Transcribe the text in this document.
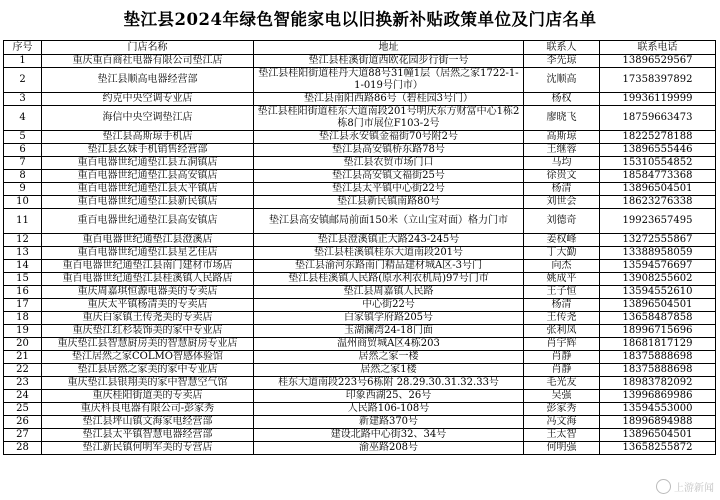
垫江县2024年绿色智能家电以旧换新补贴政策单位及门店名单
序号	门店名称	地址	联系人	联系电话
1	重庆重百商社电器有限公司垫江店	垫江县桂溪街道西欧花园步行街一号	李先琼	13896529567
2	垫江县顺高电器经营部	垫江县桂阳街道桂丹大道88号31幢1层（居然之家1722-1-1-019号门市）	沈顺高	17358397892
3	约克中央空调专业店	垫江县南阳西路86号（碧桂园3号门）	杨权	19936119999
4	海信中央空调垫江店	垫江县桂阳街道桂东大道南段201号明庆东方财富中心1栋2栋8门市展位F103-2号	廖晓飞	18759663473
5	垫江县高斯琼手机店	垫江县永安镇金福街70号附2号	高斯琼	18225278188
6	垫江县幺妹手机销售经营部	垫江县高安镇桥东路78号	王继蓉	13896555446
7	重百电器世纪通垫江县五洞镇店	垫江县农贸市场门口	马均	15310554852
8	重百电器世纪通垫江县高安镇店	垫江县高安镇文福街25号	徐贵文	18584773368
9	重百电器世纪通垫江县太平镇店	垫江县太平镇中心街22号	杨清	13896504501
10	重百电器世纪通垫江县新民镇店	垫江县新民镇南路80号	刘世会	18623276338
11	重百电器世纪通垫江县高安镇店	垫江县高安镇邮局前面150米（立山宝对面）格力门市	刘德奇	19923657495
12	重百电器世纪通垫江县澄溪店	垫江县澄溪镇正大路243-245号	姜权峰	13272555867
13	重百电器世纪通垫江县星艺佳店	垫江县桂溪镇桂东大道南段201号	丁大勤	13388958059
14	重百电器世纪通垫江县南门建材市场店	垫江县渝河东路南门精品建材城A区-3号门	向杰	13594576697
15	重百电器世纪通垫江县桂溪镇人民路店	垫江县桂溪镇人民路(原水利农机局)97号门市	姚成平	13908255602
16	重庆周嘉琪恒源电器美的专卖店	垫江县周嘉镇人民路	王子恒	13594552610
17	重庆太平镇杨清美的专卖店	中心街22号	杨清	13896504501
18	重庆白家镇王传尧美的专卖店	白家镇学府路205号	王传尧	13658487858
19	重庆垫江红杉装饰美的家中专业店	玉湖澜湾24-18门面	张利凤	18996715696
20	重庆垫江县智慧厨房美的智慧厨房专业店	温州商贸城A区4栋203	肖宇辉	18681817129
21	垫江居然之家COLMO智感体验馆	居然之家一楼	肖静	18375888698
22	垫江县居然之家美的家中专业店	居然之家1楼	肖静	18375888698
23	重庆垫江县银翔美的家中智慧空气馆	桂东大道南段223号6栋附 28.29.30.31.32.33号	毛光友	18983782092
24	重庆桂阳街道美的专卖店	印象西湖25、26号	吴强	13996869986
25	重庆科良电器有限公司-彭家秀	人民路106-108号	彭家秀	13594553000
26	垫江县坪山镇文海家电经营部	新建路370号	冯文海	18996894988
27	垫江县太平镇智慧电器经营部	建设北路中心街32、34号	王太智	13896504501
28	垫江新民镇何明军美的专营店	渝巫路208号	何明强	13658255872
上游新闻
